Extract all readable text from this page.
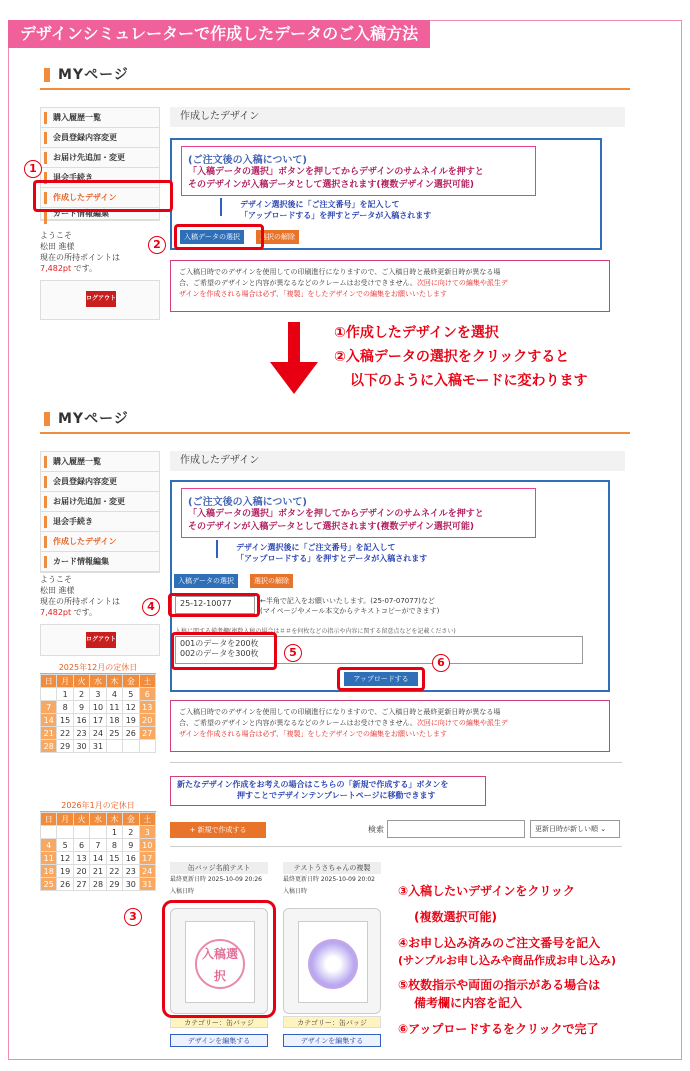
デザインシミュレーターで作成したデータのご入稿方法
MYページ
購入履歴一覧
会員登録内容変更
お届け先追加・変更
退会手続き
作成したデザイン
カード情報編集
ようこそ
松田 進様
現在の所持ポイントは
7,482pt です。
ログアウト
作成したデザイン
(ご注文後の入稿について)
「入稿データの選択」ボタンを押してからデザインのサムネイルを押すと
そのデザインが入稿データとして選択されます(複数デザイン選択可能)
デザイン選択後に「ご注文番号」を記入して
「アップロードする」を押すとデータが入稿されます
入稿データの選択	選択の解除
ご入稿日時でのデザインを使用しての印刷進行になりますので、ご入稿日時と最終更新日時が異なる場
合、ご希望のデザインと内容が異なるなどのクレームはお受けできません。次回に向けての編集や派生デ
ザインを作成される場合は必ず、「複製」をしたデザインでの編集をお願いいたします
1
2
①作成したデザインを選択
②入稿データの選択をクリックすると
以下のように入稿モードに変わります
MYページ
購入履歴一覧
会員登録内容変更
お届け先追加・変更
退会手続き
作成したデザイン
カード情報編集
ようこそ
松田 進様
現在の所持ポイントは
7,482pt です。
ログアウト
2025年12月の定休日
日	月	火	水	木	金	土
	1	2	3	4	5	6
7	8	9	10	11	12	13
14	15	16	17	18	19	20
21	22	23	24	25	26	27
28	29	30	31			
2026年1月の定休日
日	月	火	水	木	金	土
				1	2	3
4	5	6	7	8	9	10
11	12	13	14	15	16	17
18	19	20	21	22	23	24
25	26	27	28	29	30	31
作成したデザイン
(ご注文後の入稿について)
「入稿データの選択」ボタンを押してからデザインのサムネイルを押すと
そのデザインが入稿データとして選択されます(複数デザイン選択可能)
デザイン選択後に「ご注文番号」を記入して
「アップロードする」を押すとデータが入稿されます
入稿データの選択	選択の解除
25-12-10077	←半角で記入をお願いいたします。(25-07-07077)など
(マイページやメール本文からテキストコピーができます)
入稿に関する備考欄(複数入稿の場合は＃＃を何枚などの指示や内容に関する留意点などを記載ください)
001のデータを200枚
002のデータを300枚
アップロードする
ご入稿日時でのデザインを使用しての印刷進行になりますので、ご入稿日時と最終更新日時が異なる場
合、ご希望のデザインと内容が異なるなどのクレームはお受けできません。次回に向けての編集や派生デ
ザインを作成される場合は必ず、「複製」をしたデザインでの編集をお願いいたします
新たなデザイン作成をお考えの場合はこちらの「新規で作成する」ボタンを
押すことでデザインテンプレートページに移動できます
+ 新規で作成する	検索	更新日時が新しい順 ⌄
缶バッジ名前テスト
最終更新日時 2025-10-09 20:26
入稿日時
入稿選択
カテゴリー：缶バッジ
デザインを編集する
テストうさちゃんの複製
最終更新日時 2025-10-09 20:02
入稿日時
カテゴリー：缶バッジ
デザインを編集する
4
5
6
3
③入稿したいデザインをクリック
(複数選択可能)
④お申し込み済みのご注文番号を記入
(サンプルお申し込みや商品作成お申し込み)
⑤枚数指示や両面の指示がある場合は
備考欄に内容を記入
⑥アップロードするをクリックで完了
